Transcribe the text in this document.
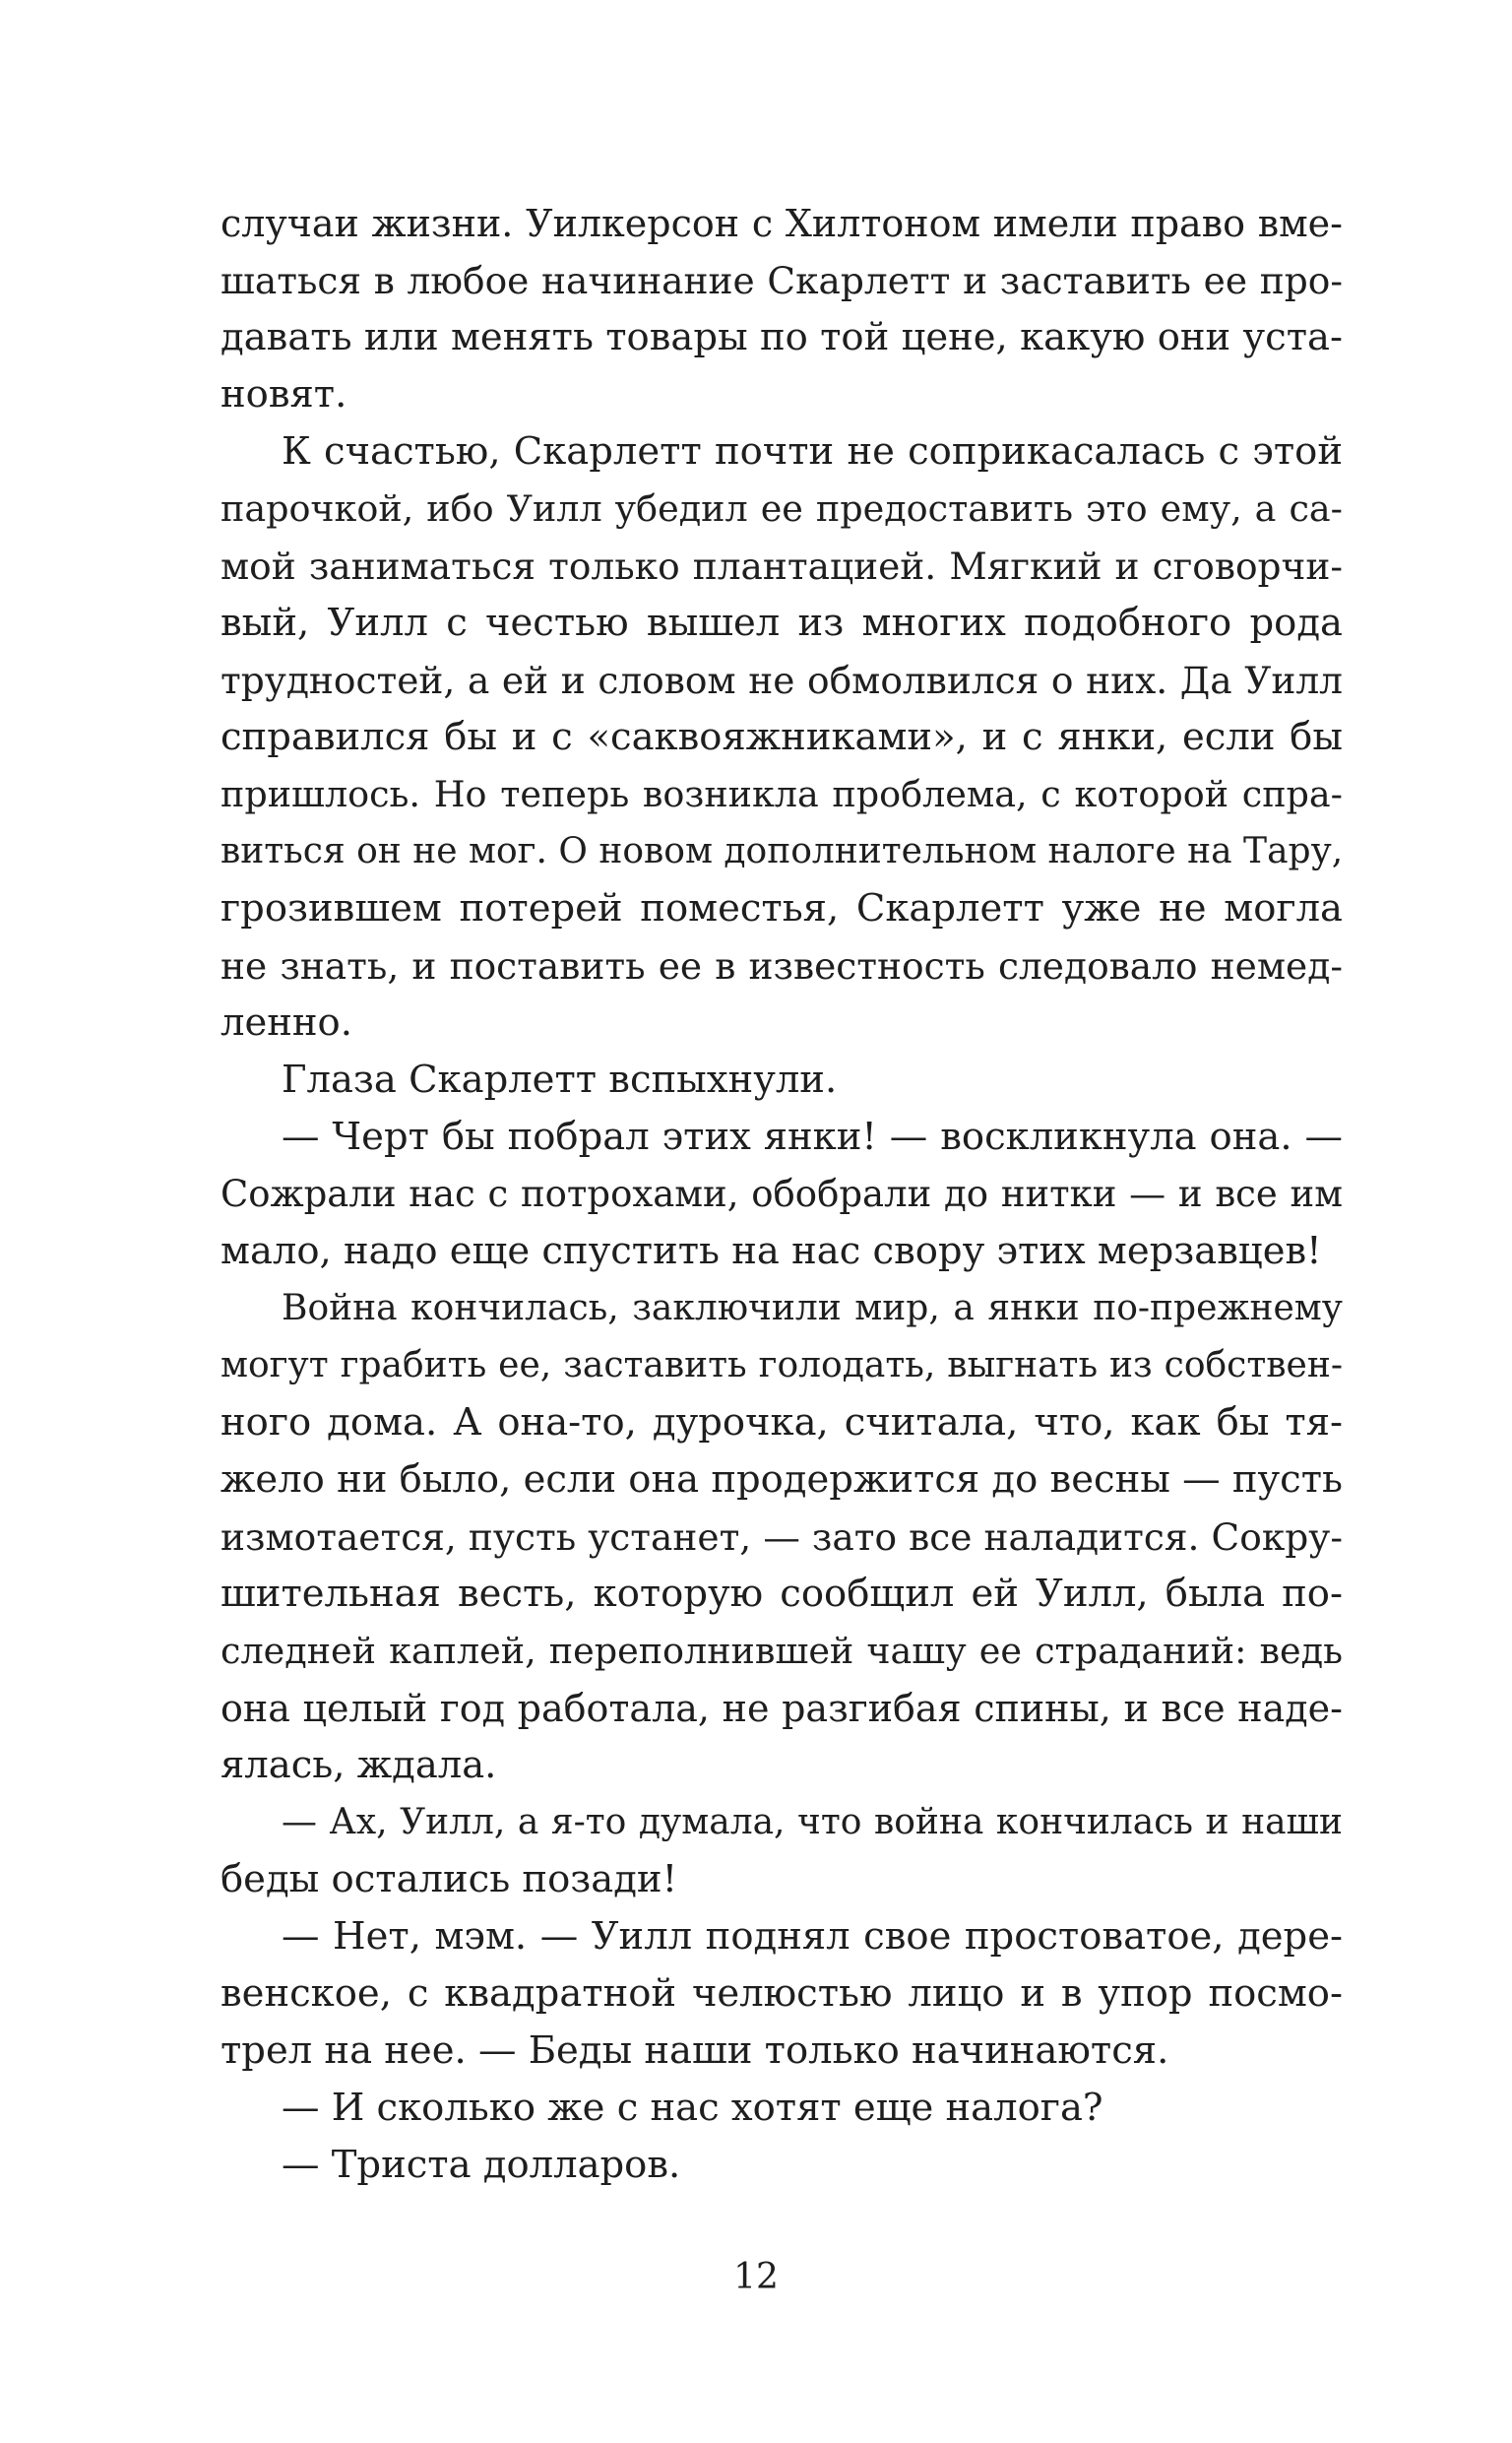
случаи жизни. Уилкерсон с Хилтоном имели право вме-
шаться в любое начинание Скарлетт и заставить ее про-
давать или менять товары по той цене, какую они уста-
новят.
К счастью, Скарлетт почти не соприкасалась с этой
парочкой, ибо Уилл убедил ее предоставить это ему, а са-
мой заниматься только плантацией. Мягкий и сговорчи-
вый, Уилл с честью вышел из многих подобного рода
трудностей, а ей и словом не обмолвился о них. Да Уилл
справился бы и с «саквояжниками», и с янки, если бы
пришлось. Но теперь возникла проблема, с которой спра-
виться он не мог. О новом дополнительном налоге на Тару,
грозившем потерей поместья, Скарлетт уже не могла
не знать, и поставить ее в известность следовало немед-
ленно.
Глаза Скарлетт вспыхнули.
— Черт бы побрал этих янки! — воскликнула она. —
Сожрали нас с потрохами, обобрали до нитки — и все им
мало, надо еще спустить на нас свору этих мерзавцев!
Война кончилась, заключили мир, а янки по-прежнему
могут грабить ее, заставить голодать, выгнать из собствен-
ного дома. А она-то, дурочка, считала, что, как бы тя-
жело ни было, если она продержится до весны — пусть
измотается, пусть устанет, — зато все наладится. Сокру-
шительная весть, которую сообщил ей Уилл, была по-
следней каплей, переполнившей чашу ее страданий: ведь
она целый год работала, не разгибая спины, и все наде-
ялась, ждала.
— Ах, Уилл, а я-то думала, что война кончилась и наши
беды остались позади!
— Нет, мэм. — Уилл поднял свое простоватое, дере-
венское, с квадратной челюстью лицо и в упор посмо-
трел на нее. — Беды наши только начинаются.
— И сколько же с нас хотят еще налога?
— Триста долларов.
12
